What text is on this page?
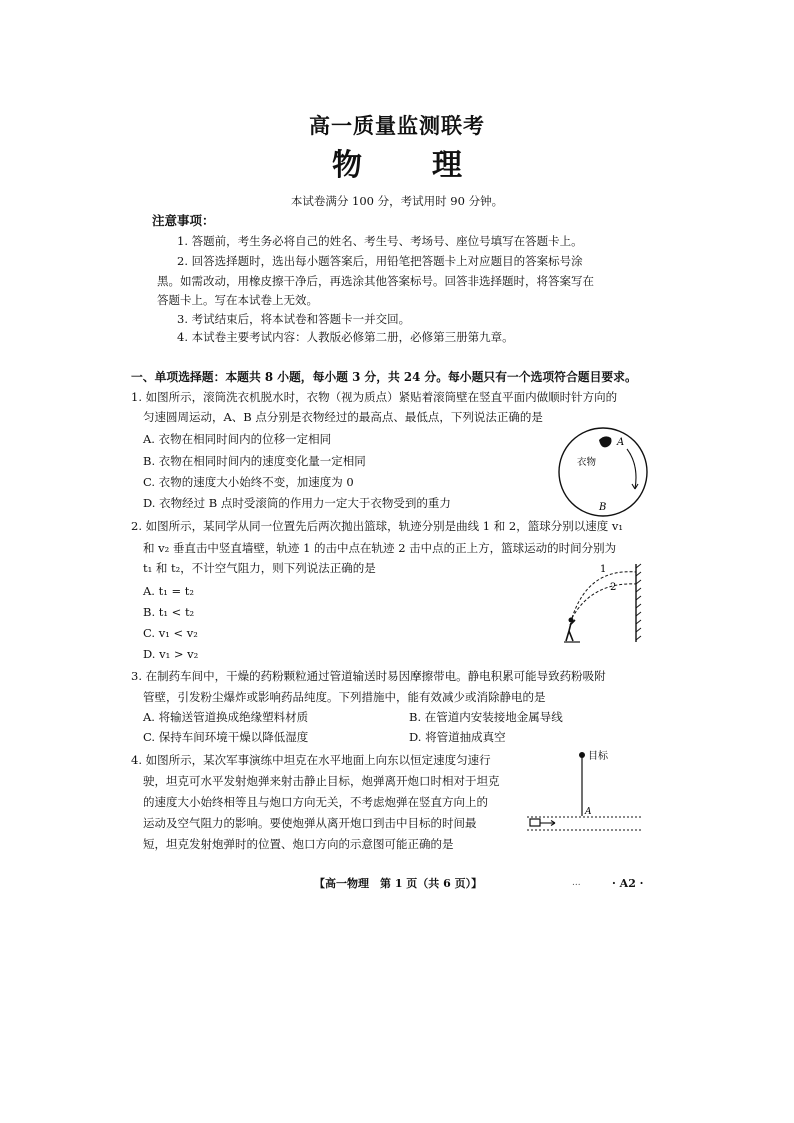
高一质量监测联考
物 理
本试卷满分 100 分，考试用时 90 分钟。
注意事项：
1. 答题前，考生务必将自己的姓名、考生号、考场号、座位号填写在答题卡上。
2. 回答选择题时，选出每小题答案后，用铅笔把答题卡上对应题目的答案标号涂
黑。如需改动，用橡皮擦干净后，再选涂其他答案标号。回答非选择题时，将答案写在
答题卡上。写在本试卷上无效。
3. 考试结束后，将本试卷和答题卡一并交回。
4. 本试卷主要考试内容：人教版必修第二册，必修第三册第九章。
一、单项选择题：本题共 8 小题，每小题 3 分，共 24 分。每小题只有一个选项符合题目要求。
1. 如图所示，滚筒洗衣机脱水时，衣物（视为质点）紧贴着滚筒壁在竖直平面内做顺时针方向的
匀速圆周运动，A、B 点分别是衣物经过的最高点、最低点，下列说法正确的是
A. 衣物在相同时间内的位移一定相同
B. 衣物在相同时间内的速度变化量一定相同
C. 衣物的速度大小始终不变，加速度为 0
D. 衣物经过 B 点时受滚筒的作用力一定大于衣物受到的重力
A
B
衣物
2. 如图所示，某同学从同一位置先后两次抛出篮球，轨迹分别是曲线 1 和 2，篮球分别以速度 v₁
和 v₂ 垂直击中竖直墙壁，轨迹 1 的击中点在轨迹 2 击中点的正上方，篮球运动的时间分别为
t₁ 和 t₂，不计空气阻力，则下列说法正确的是
A. t₁ = t₂
B. t₁ < t₂
C. v₁ < v₂
D. v₁ > v₂
1
2
3. 在制药车间中，干燥的药粉颗粒通过管道输送时易因摩擦带电。静电积累可能导致药粉吸附
管壁，引发粉尘爆炸或影响药品纯度。下列措施中，能有效减少或消除静电的是
A. 将输送管道换成绝缘塑料材质	B. 在管道内安装接地金属导线
C. 保持车间环境干燥以降低湿度	D. 将管道抽成真空
4. 如图所示，某次军事演练中坦克在水平地面上向东以恒定速度匀速行
驶，坦克可水平发射炮弹来射击静止目标，炮弹离开炮口时相对于坦克
的速度大小始终相等且与炮口方向无关，不考虑炮弹在竖直方向上的
运动及空气阻力的影响。要使炮弹从离开炮口到击中目标的时间最
短，坦克发射炮弹时的位置、炮口方向的示意图可能正确的是
目标
A
【高一物理　第 1 页（共 6 页）】	...	· A2 ·
